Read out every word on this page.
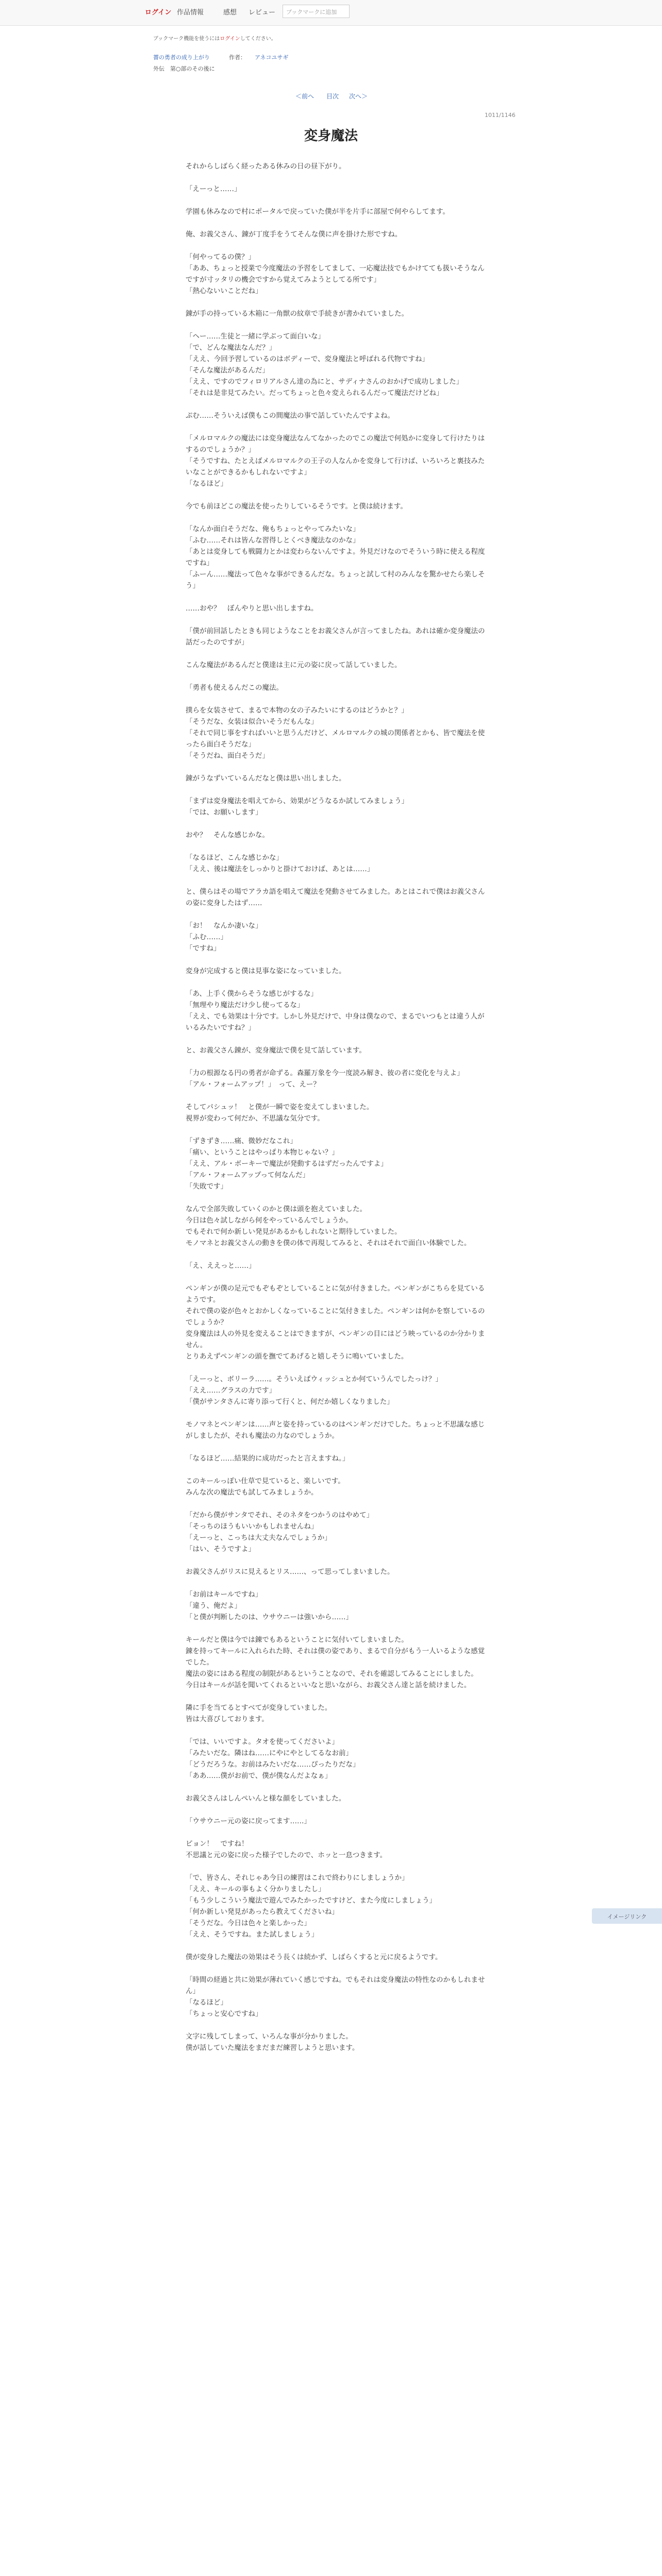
ログイン 作品情報	感想 レビュー	ブックマークに追加
ブックマーク機能を使うにはログインしてください。
薔の勇者の成り上がり	作者： アネコユサギ
外伝　第○部のその後に
＜前へ 目次 次へ＞
1011/1146
変身魔法

それからしばらく経ったある休みの日の昼下がり。

「えーっと……」

学園も休みなので村にポータルで戻っていた僕が半を片手に部屋で何やらしてます。

俺、お義父さん、錬が丁度手をうてそんな僕に声を掛けた形ですね。

「何やってるの僕？」
「ああ、ちょっと授業で今度魔法の予習をしてまして、一応魔法技でもかけてても扱いそうなんですが寸ッタリの機会ですから覚えてみようとしてる所です」
「熱心ないいことだね」

錬が手の持っている木箱に一角獣の紋章で手続きが書かれていました。

「ヘー……生徒と一緒に学ぶって面白いな」
「で、どんな魔法なんだ？」
「ええ、今回予習しているのはボディーで、変身魔法と呼ばれる代物ですね」
「そんな魔法があるんだ」
「ええ、ですのでフィロリアルさん達の為にと、サディナさんのおかげで成功しました」
「それは是非見てみたい。だってちょっと色々変えられるんだって魔法だけどね」

ぷむ……そういえば僕もこの間魔法の事で話していたんですよね。

「メルロマルクの魔法には変身魔法なんてなかったのでこの魔法で何処かに変身して行けたりはするのでしょうか？」
「そうですね、たとえばメルロマルクの王子の人なんかを変身して行けば、いろいろと裏技みたいなことができるかもしれないですよ」
「なるほど」

今でも前ほどこの魔法を使ったりしているそうです。と僕は続けます。

「なんか面白そうだな、俺もちょっとやってみたいな」
「ふむ……それは皆んな習得しとくべき魔法なのかな」
「あとは変身しても戦闘力とかは変わらないんですよ。外見だけなのでそういう時に使える程度ですね」
「ふーん……魔法って色々な事ができるんだな。ちょっと試して村のみんなを驚かせたら楽しそう」

……おや？　ぼんやりと思い出しますね。

「僕が前回話したときも同じようなことをお義父さんが言ってましたね。あれは確か変身魔法の話だったのですが」

こんな魔法があるんだと僕達は主に元の姿に戻って話していました。

「勇者も使えるんだこの魔法。

撲らを女装させて、まるで本物の女の子みたいにするのはどうかと？」
「そうだな、女装は似合いそうだもんな」
「それで同じ事をすればいいと思うんだけど、メルロマルクの城の関係者とかも、皆で魔法を使ったら面白そうだな」
「そうだね、面白そうだ」

錬がうなずいているんだなと僕は思い出しました。

「まずは変身魔法を唱えてから、効果がどうなるか試してみましょう」
「では、お願いします」

おや？　そんな感じかな。

「なるほど、こんな感じかな」
「ええ、後は魔法をしっかりと掛けておけば、あとは……」

と、僕らはその場でアラカ語を唱えて魔法を発動させてみました。あとはこれで僕はお義父さんの姿に変身したはず……

「お！　なんか凄いな」
「ふむ……」
「ですね」

変身が完成すると僕は見事な姿になっていました。

「あ、上手く僕からそうな感じがするな」
「無理やり魔法だけ少し使ってるな」
「ええ、でも効果は十分です。しかし外見だけで、中身は僕なので、まるでいつもとは違う人がいるみたいですね？」

と、お義父さん錬が、変身魔法で僕を見て話しています。

「力の根源なる円の勇者が命ずる。森羅万象を今一度読み解き、彼の者に変化を与えよ」
「アル・フォームアップ！」　って、えー？

そしてパシュッ！　と僕が一瞬で姿を変えてしまいました。
視界が変わって何だか、不思議な気分です。

「ずきずき……痛、微妙だなこれ」
「痛い、ということはやっぱり本物じゃない？」
「ええ、アル・ボーキーで魔法が発動するはずだったんですよ」
「アル・フォームアップって何なんだ」
「失敗です」

なんで全部失敗していくのかと僕は頭を抱えていました。
今日は色々試しながら何をやっているんでしょうか。
でもそれで何か新しい発見があるかもしれないと期待していました。
モノマネとお義父さんの動きを僕の体で再現してみると、それはそれで面白い体験でした。

「え、ええっと……」

ペンギンが僕の足元でもぞもぞとしていることに気が付きました。ペンギンがこちらを見ているようです。
それで僕の姿が色々とおかしくなっていることに気付きました。ペンギンは何かを察しているのでしょうか？
変身魔法は人の外見を変えることはできますが、ペンギンの目にはどう映っているのか分かりません。
とりあえずペンギンの頭を撫でてあげると嬉しそうに鳴いていました。

「えーっと、ボリーラ……。そういえばウィッシュとか何ていうんでしたっけ？」
「ええ……グラスの力です」
「僕がサンタさんに寄り添って行くと、何だか嬉しくなりました」

モノマネとペンギンは……声と姿を持っているのはペンギンだけでした。ちょっと不思議な感じがしましたが、それも魔法の力なのでしょうか。

「なるほど……結果的に成功だったと言えますね。」

このキールっぽい仕草で見ていると、楽しいです。
みんな次の魔法でも試してみましょうか。

「だから僕がサンタでそれ、そのネタをつかうのはやめて」
「そっちのほうもいいかもしれませんね」
「えーっと、こっちは大丈夫なんでしょうか」
「はい、そうですよ」

お義父さんがリスに見えるとリス……、って思ってしまいました。

「お前はキールですね」
「違う、俺だよ」
「と僕が判断したのは、ウサウニーは強いから……」

キールだと僕は今では錬でもあるということに気付いてしまいました。
錬を持ってキールに入れられた時、それは僕の姿であり、まるで自分がもう一人いるような感覚でした。
魔法の姿にはある程度の制限があるということなので、それを確認してみることにしました。
今日はキールが話を聞いてくれるといいなと思いながら、お義父さん達と話を続けました。

隣に手を当てるとすべてが変身していました。
皆は大喜びしております。

「では、いいですよ。タオを使ってくださいよ」
「みたいだな。隣はね……にやにやとしてるなお前」
「どうだろうな。お前はみたいだな……ぴったりだな」
「ああ……僕がお前で、僕が僕なんだよなぁ」

お義父さんはしんぺいんと様な顔をしていました。

「ウサウニー元の姿に戻ってます……」

ピョン！　ですね！
不思議と元の姿に戻った様子でしたので、ホッと一息つきます。

「で、皆さん、それじゃあ今日の練習はこれで終わりにしましょうか」
「ええ、キールの事もよく分かりましたし」
「もう少しこういう魔法で遊んでみたかったですけど、また今度にしましょう」
「何か新しい発見があったら教えてくださいね」
「そうだな。今日は色々と楽しかった」
「ええ、そうですね。また試しましょう」

僕が変身した魔法の効果はそう長くは続かず、しばらくすると元に戻るようです。

「時間の経過と共に効果が薄れていく感じですね。でもそれは変身魔法の特性なのかもしれません」
「なるほど」
「ちょっと安心ですね」

文字に残してしまって、いろんな事が分かりました。
僕が話していた魔法をまだまだ練習しようと思います。

イメージリンク
